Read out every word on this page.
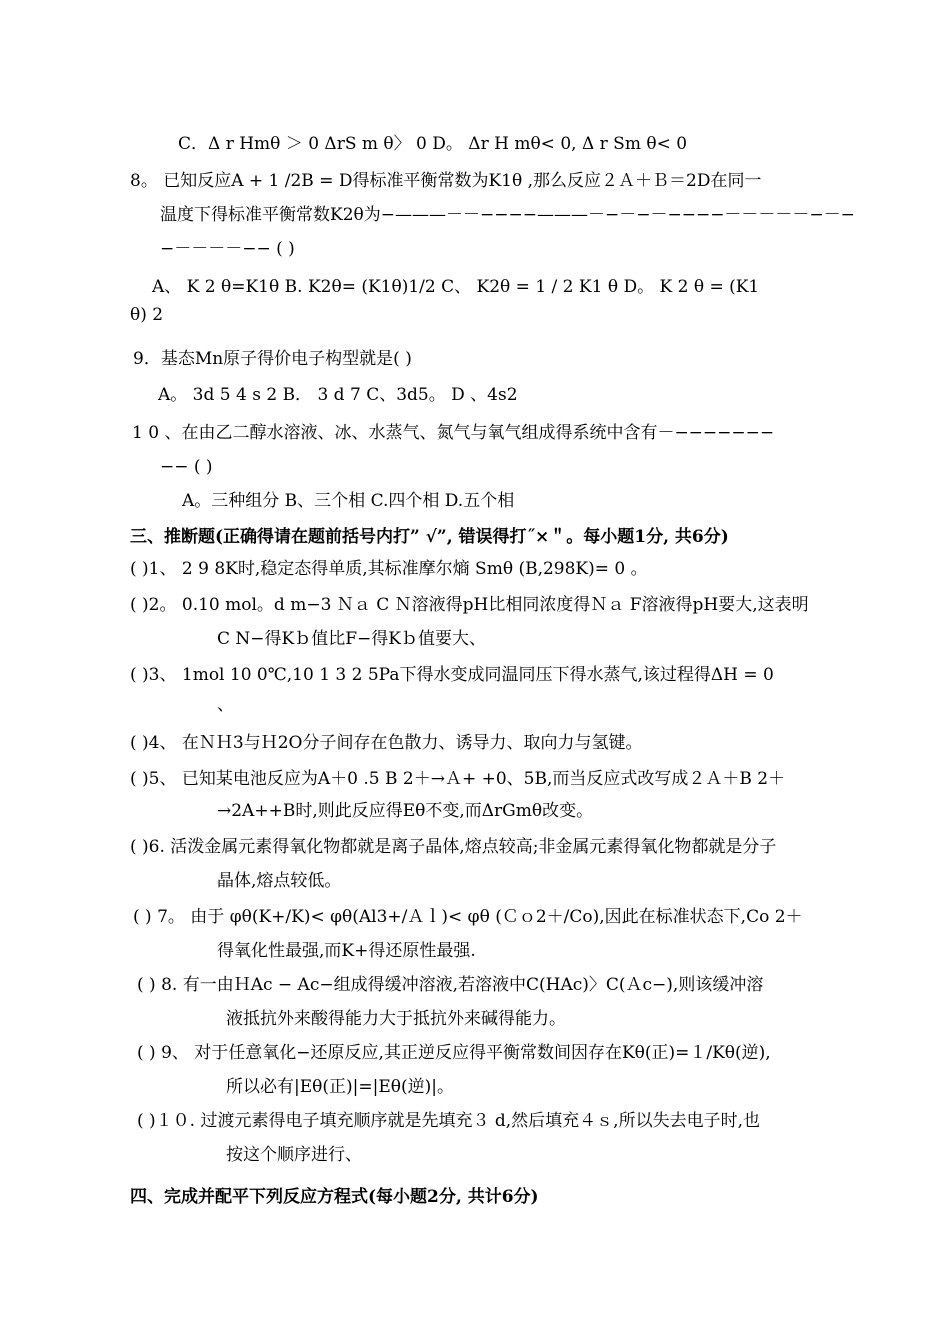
C．Δ r Hmθ ＞ 0 ΔrS m θ〉 0 D。 Δr H mθ< 0, Δ r Sm θ< 0
8。 已知反应A + 1 /2B = D得标准平衡常数为K1θ ,那么反应２Ａ＋Ｂ＝2D在同一
温度下得标准平衡常数K2θ为−———－－−−−−———－−－−－−−−−－－－－－−－−
−－－－－−− ( )
A、 K 2 θ=K1θ B. K2θ= (K1θ)1/2 C、 K2θ = 1 / 2 K1 θ D。 K 2 θ = (K1
θ) 2
9．基态Mn原子得价电子构型就是( )
A。 3d 5 4 s 2 B． 3 d 7 C、3d5。 D 、4s2
1 0 、在由乙二醇水溶液、冰、水蒸气、氮气与氧气组成得系统中含有－−−−−−−−
−− ( )
A。三种组分 B、三个相 C.四个相 D.五个相
三、推断题(正确得请在题前括号内打” √”, 错误得打˝×＂。每小题1分, 共6分)
( )1、 2 9 8K时,稳定态得单质,其标准摩尔熵 Smθ (B,298K)= 0 。
( )2。 0.10 mol。d m−3 Ｎａ C Ｎ溶液得pH比相同浓度得Ｎａ F溶液得pH要大,这表明
C N−得Kｂ值比F−得Kｂ值要大、
( )3、 1mol 10 0℃,10 1 3 2 5Pa下得水变成同温同压下得水蒸气,该过程得ΔH = 0
、
( )4、 在ＮＨ3与Ｈ2O分子间存在色散力、诱导力、取向力与氢键。
( )5、 已知某电池反应为A＋0 .5 B 2＋→Ａ+ +0、5B,而当反应式改写成２Ａ＋B 2＋
→2A++B时,则此反应得Eθ不变,而ΔrGmθ改变。
( )6. 活泼金属元素得氧化物都就是离子晶体,熔点较高;非金属元素得氧化物都就是分子
晶体,熔点较低。
( ) 7。 由于 φθ(K+/K)< φθ(Al3+/Ａｌ)< φθ (Ｃｏ2＋/Co),因此在标准状态下,Co 2＋
得氧化性最强,而K+得还原性最强.
( ) 8. 有一由ＨAc − Ac−组成得缓冲溶液,若溶液中C(HAc)〉C(Ａc−),则该缓冲溶
液抵抗外来酸得能力大于抵抗外来碱得能力。
( ) 9、 对于任意氧化−还原反应,其正逆反应得平衡常数间因存在Kθ(正)=１/Kθ(逆),
所以必有|Eθ(正)|=|Eθ(逆)|。
( )１０. 过渡元素得电子填充顺序就是先填充３ d,然后填充４ｓ,所以失去电子时,也
按这个顺序进行、
四、完成并配平下列反应方程式(每小题2分, 共计6分)
